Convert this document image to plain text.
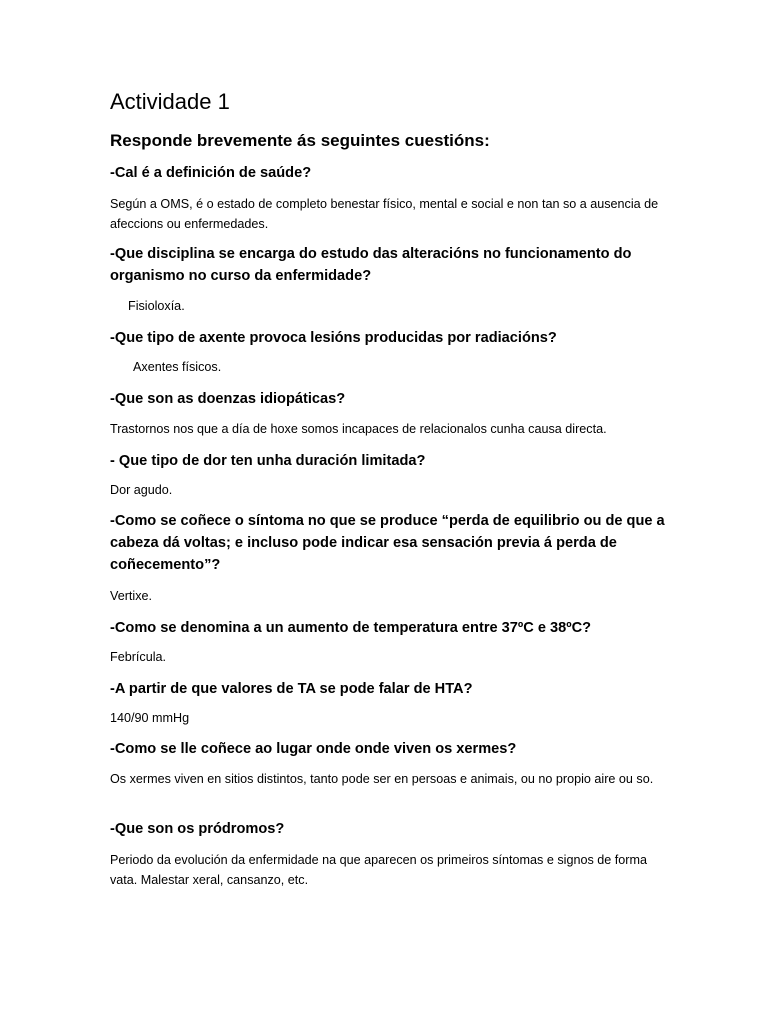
Actividade 1
Responde brevemente ás seguintes cuestións:

-Cal é a definición de saúde?

Según a OMS, é o estado de completo benestar físico, mental e social e non tan so a ausencia de afeccions ou enfermedades.

-Que disciplina se encarga do estudo das alteracións no funcionamento do organismo no curso da enfermidade?

Fisioloxía.

-Que tipo de axente provoca lesións producidas por radiacións?

Axentes físicos.

-Que son as doenzas idiopáticas?

Trastornos nos que a día de hoxe somos incapaces de relacionalos cunha causa directa.

- Que tipo de dor ten unha duración limitada?

Dor agudo.

-Como se coñece o síntoma no que se produce “perda de equilibrio ou de que a cabeza dá voltas; e incluso pode indicar esa sensación previa á perda de coñecemento”?

Vertixe.

-Como se denomina a un aumento de temperatura entre 37ºC e 38ºC?

Febrícula.

-A partir de que valores de TA se pode falar de HTA?

140/90 mmHg

-Como se lle coñece ao lugar onde onde viven os xermes?

Os xermes viven en sitios distintos, tanto pode ser en persoas e animais, ou no propio aire ou so.

-Que son os pródromos?

Periodo da evolución da enfermidade na que aparecen os primeiros síntomas e signos de forma vata. Malestar xeral, cansanzo, etc.
